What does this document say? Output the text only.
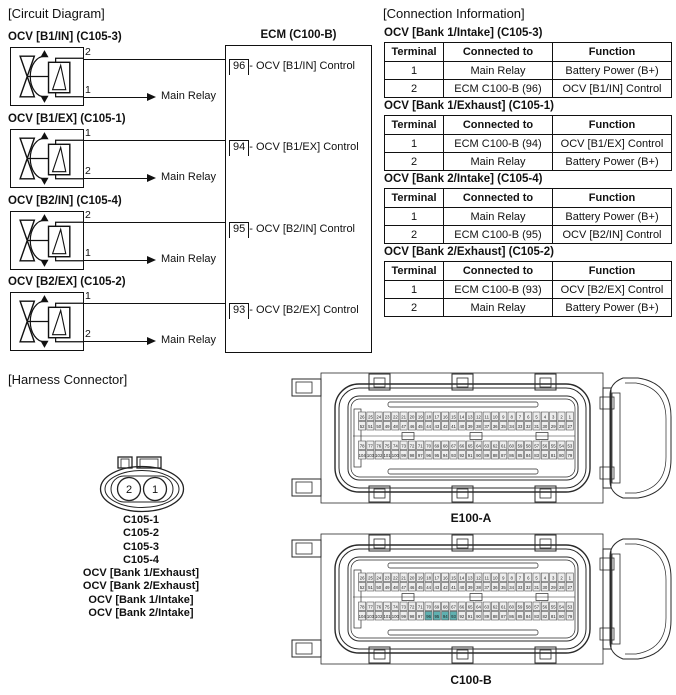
[Circuit Diagram]	[Connection Information]
[Harness Connector]
OCV [B1/IN] (C105-3)
2
1	Main Relay
OCV [B1/EX] (C105-1)
1
2	Main Relay
OCV [B2/IN] (C105-4)
2
1	Main Relay
OCV [B2/EX] (C105-2)
1
2	Main Relay
ECM (C100-B)
96 - OCV [B1/IN] Control
94 - OCV [B1/EX] Control
95 - OCV [B2/IN] Control
93 - OCV [B2/EX] Control
OCV [Bank 1/Intake] (C105-3)
Terminal	Connected to	Function
1	Main Relay	Battery Power (B+)
2	ECM C100-B (96)	OCV [B1/IN] Control
OCV [Bank 1/Exhaust] (C105-1)
Terminal	Connected to	Function
1	ECM C100-B (94)	OCV [B1/EX] Control
2	Main Relay	Battery Power (B+)
OCV [Bank 2/Intake] (C105-4)
Terminal	Connected to	Function
1	Main Relay	Battery Power (B+)
2	ECM C100-B (95)	OCV [B2/IN] Control
OCV [Bank 2/Exhaust] (C105-2)
Terminal	Connected to	Function
1	ECM C100-B (93)	OCV [B2/EX] Control
2	Main Relay	Battery Power (B+)
2 1
C105-1
C105-2
C105-3
C105-4
OCV [Bank 1/Exhaust]
OCV [Bank 2/Exhaust]
OCV [Bank 1/Intake]
OCV [Bank 2/Intake]
26 25 24 23 22 21 20 19 18 17 16 15 14 13 12 11 10 9 8 7 6 5 4 3 2 1
52 51 50 49 48 47 46 45 44 43 42 41 40 39 38 37 36 35 34 33 32 31 30 29 28 27
78 77 76 75 74 73 72 71 70 69 68 67 66 65 64 63 62 61 60 59 58 57 56 55 54 53
104 103 102 101 100 99 98 97 96 95 94 93 92 91 90 89 88 87 86 85 84 83 82 81 80 79
E100-A
26 25 24 23 22 21 20 19 18 17 16 15 14 13 12 11 10 9 8 7 6 5 4 3 2 1
52 51 50 49 48 47 46 45 44 43 42 41 40 39 38 37 36 35 34 33 32 31 30 29 28 27
78 77 76 75 74 73 72 71 70 69 68 67 66 65 64 63 62 61 60 59 58 57 56 55 54 53
104 103 102 101 100 99 98 97 96 95 94 93 92 91 90 89 88 87 86 85 84 83 82 81 80 79
C100-B
